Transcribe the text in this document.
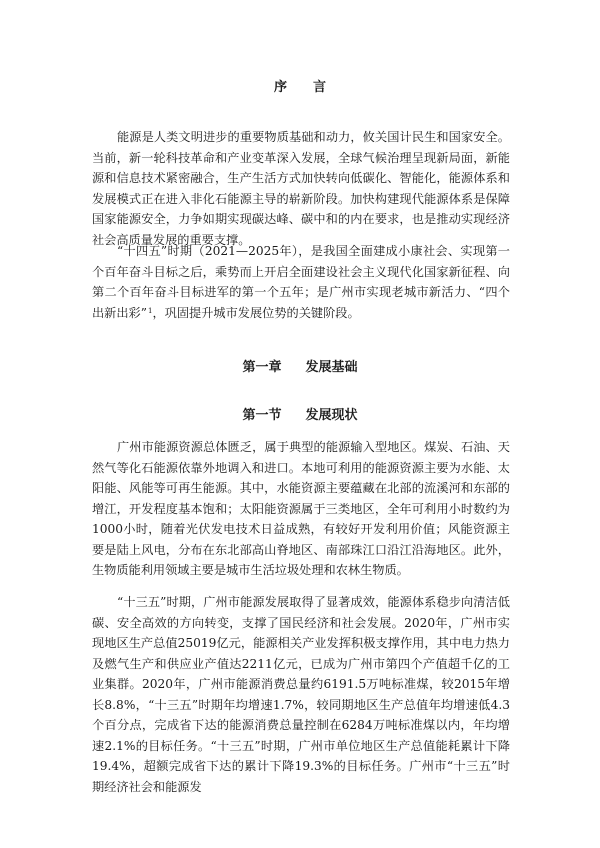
序言

能源是人类文明进步的重要物质基础和动力，攸关国计民生和国家安全。当前，新一轮科技革命和产业变革深入发展，全球气候治理呈现新局面，新能源和信息技术紧密融合，生产生活方式加快转向低碳化、智能化，能源体系和发展模式正在进入非化石能源主导的崭新阶段。加快构建现代能源体系是保障国家能源安全，力争如期实现碳达峰、碳中和的内在要求，也是推动实现经济社会高质量发展的重要支撑。

“十四五”时期（2021—2025年），是我国全面建成小康社会、实现第一个百年奋斗目标之后，乘势而上开启全面建设社会主义现代化国家新征程、向第二个百年奋斗目标进军的第一个五年；是广州市实现老城市新活力、“四个出新出彩”$^1$，巩固提升城市发展位势的关键阶段。

第一章 发展基础
第一节 发展现状

广州市能源资源总体匮乏，属于典型的能源输入型地区。煤炭、石油、天然气等化石能源依靠外地调入和进口。本地可利用的能源资源主要为水能、太阳能、风能等可再生能源。其中，水能资源主要蕴藏在北部的流溪河和东部的增江，开发程度基本饱和；太阳能资源属于三类地区，全年可利用小时数约为1000小时，随着光伏发电技术日益成熟，有较好开发利用价值；风能资源主要是陆上风电，分布在东北部高山脊地区、南部珠江口沿江沿海地区。此外，生物质能利用领域主要是城市生活垃圾处理和农林生物质。

“十三五”时期，广州市能源发展取得了显著成效，能源体系稳步向清洁低碳、安全高效的方向转变，支撑了国民经济和社会发展。2020年，广州市实现地区生产总值25019亿元，能源相关产业发挥积极支撑作用，其中电力热力及燃气生产和供应业产值达2211亿元，已成为广州市第四个产值超千亿的工业集群。2020年，广州市能源消费总量约6191.5万吨标准煤，较2015年增长8.8%，“十三五”时期年均增速1.7%，较同期地区生产总值年均增速低4.3个百分点，完成省下达的能源消费总量控制在6284万吨标准煤以内，年均增速2.1%的目标任务。“十三五”时期，广州市单位地区生产总值能耗累计下降19.4%，超额完成省下达的累计下降19.3%的目标任务。广州市“十三五”时期经济社会和能源发
